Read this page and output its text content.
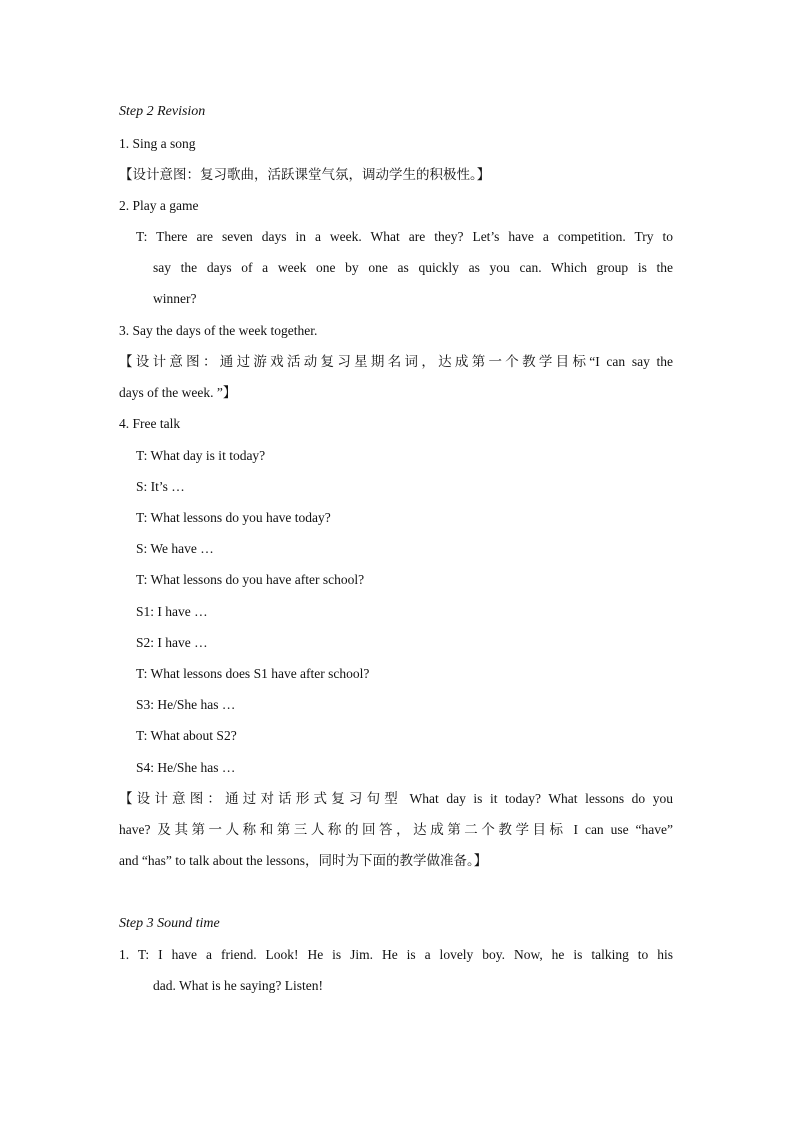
Step 2 Revision
1. Sing a song
【设计意图：复习歌曲，活跃课堂气氛，调动学生的积极性。】
2. Play a game
T: There are seven days in a week. What are they? Let’s have a competition. Try to
say the days of a week one by one as quickly as you can. Which group is the
winner?
3. Say the days of the week together.
【设计意图：通过游戏活动复习星期名词，达成第一个教学目标“I can say the
days of the week. ”】
4. Free talk
T: What day is it today?
S: It’s …
T: What lessons do you have today?
S: We have …
T: What lessons do you have after school?
S1: I have …
S2: I have …
T: What lessons does S1 have after school?
S3: He/She has …
T: What about S2?
S4: He/She has …
【设计意图：通过对话形式复习句型 What day is it today? What lessons do you
have? 及其第一人称和第三人称的回答，达成第二个教学目标 I can use “have”
and “has” to talk about the lessons，同时为下面的教学做准备。】
Step 3 Sound time
1. T: I have a friend. Look! He is Jim. He is a lovely boy. Now, he is talking to his
dad. What is he saying? Listen!
